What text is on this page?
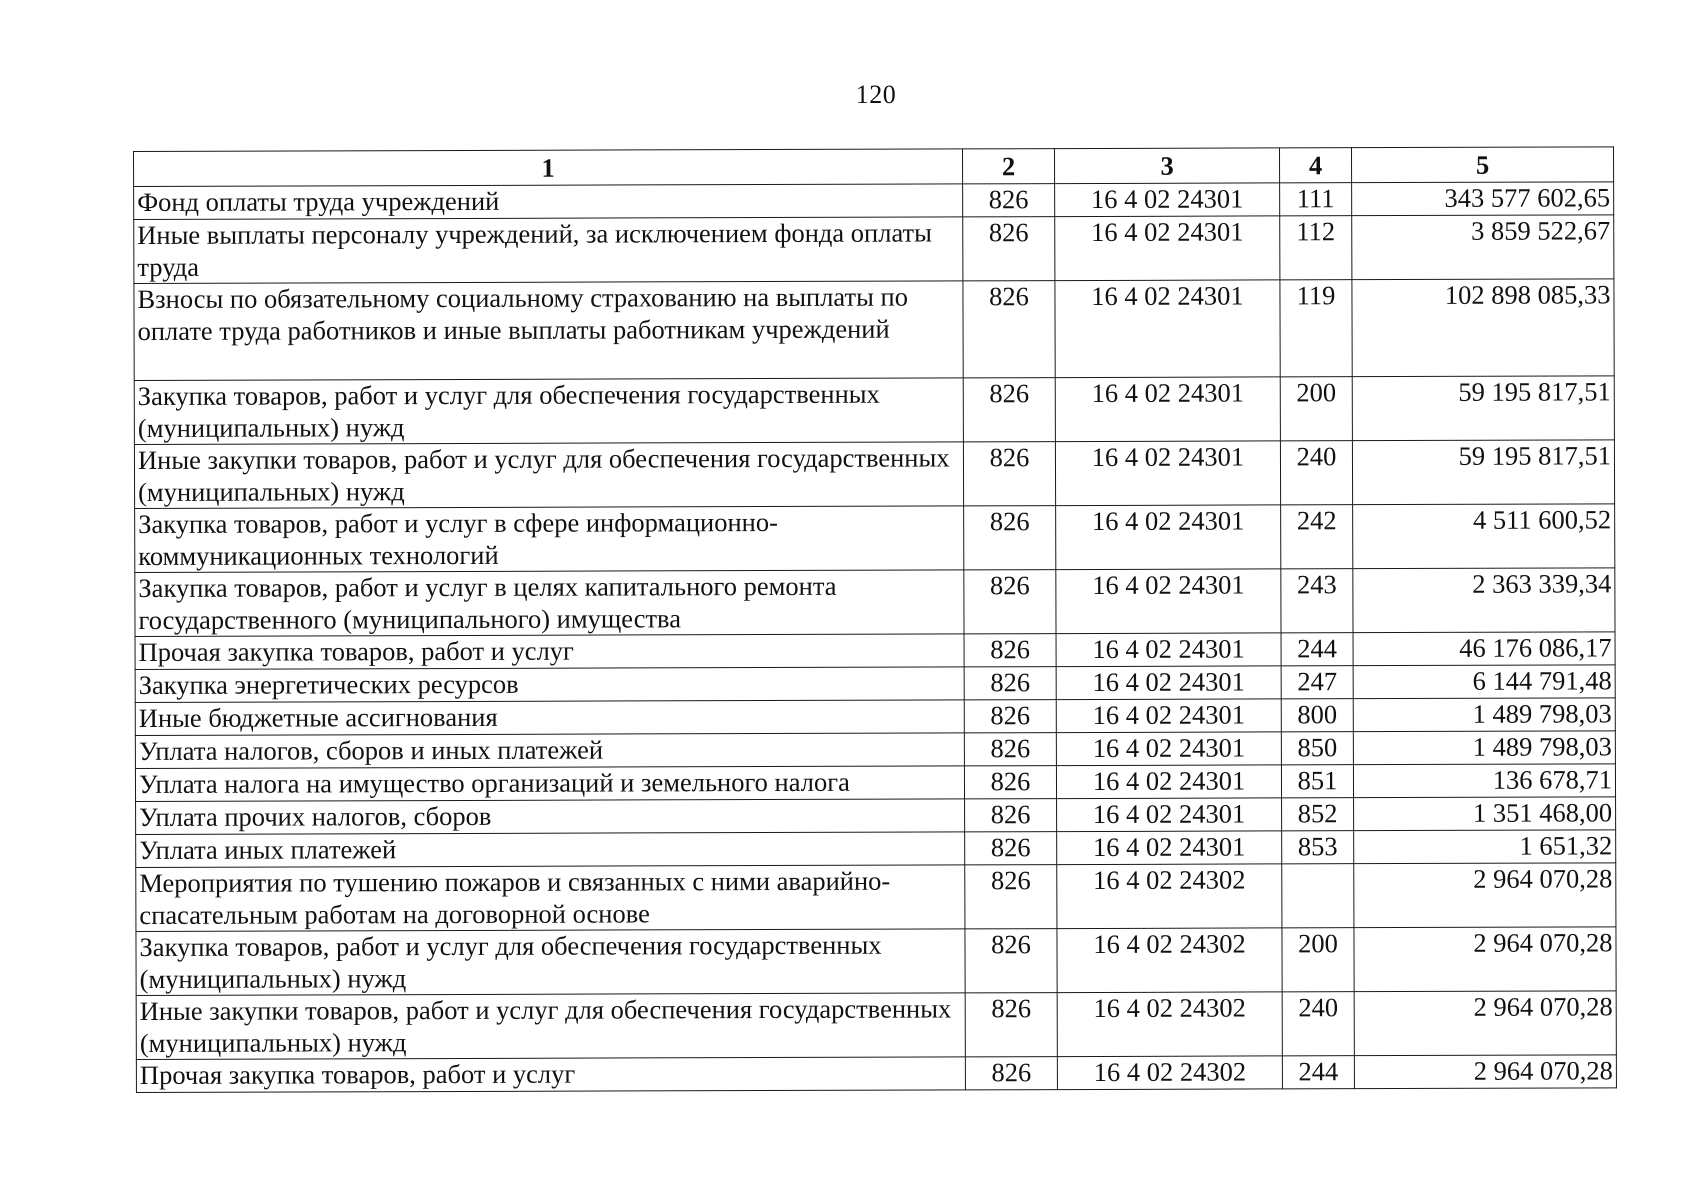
120
1	2	3	4	5
Фонд оплаты труда учреждений	826	16 4 02 24301	111	343 577 602,65
Иные выплаты персоналу учреждений, за исключением фонда оплаты труда	826	16 4 02 24301	112	3 859 522,67
Взносы по обязательному социальному страхованию на выплаты по оплате труда работников и иные выплаты работникам учреждений	826	16 4 02 24301	119	102 898 085,33
Закупка товаров, работ и услуг для обеспечения государственных (муниципальных) нужд	826	16 4 02 24301	200	59 195 817,51
Иные закупки товаров, работ и услуг для обеспечения государственных (муниципальных) нужд	826	16 4 02 24301	240	59 195 817,51
Закупка товаров, работ и услуг в сфере информационно-коммуникационных технологий	826	16 4 02 24301	242	4 511 600,52
Закупка товаров, работ и услуг в целях капитального ремонта государственного (муниципального) имущества	826	16 4 02 24301	243	2 363 339,34
Прочая закупка товаров, работ и услуг	826	16 4 02 24301	244	46 176 086,17
Закупка энергетических ресурсов	826	16 4 02 24301	247	6 144 791,48
Иные бюджетные ассигнования	826	16 4 02 24301	800	1 489 798,03
Уплата налогов, сборов и иных платежей	826	16 4 02 24301	850	1 489 798,03
Уплата налога на имущество организаций и земельного налога	826	16 4 02 24301	851	136 678,71
Уплата прочих налогов, сборов	826	16 4 02 24301	852	1 351 468,00
Уплата иных платежей	826	16 4 02 24301	853	1 651,32
Мероприятия по тушению пожаров и связанных с ними аварийно-спасательным работам на договорной основе	826	16 4 02 24302		2 964 070,28
Закупка товаров, работ и услуг для обеспечения государственных (муниципальных) нужд	826	16 4 02 24302	200	2 964 070,28
Иные закупки товаров, работ и услуг для обеспечения государственных (муниципальных) нужд	826	16 4 02 24302	240	2 964 070,28
Прочая закупка товаров, работ и услуг	826	16 4 02 24302	244	2 964 070,28
